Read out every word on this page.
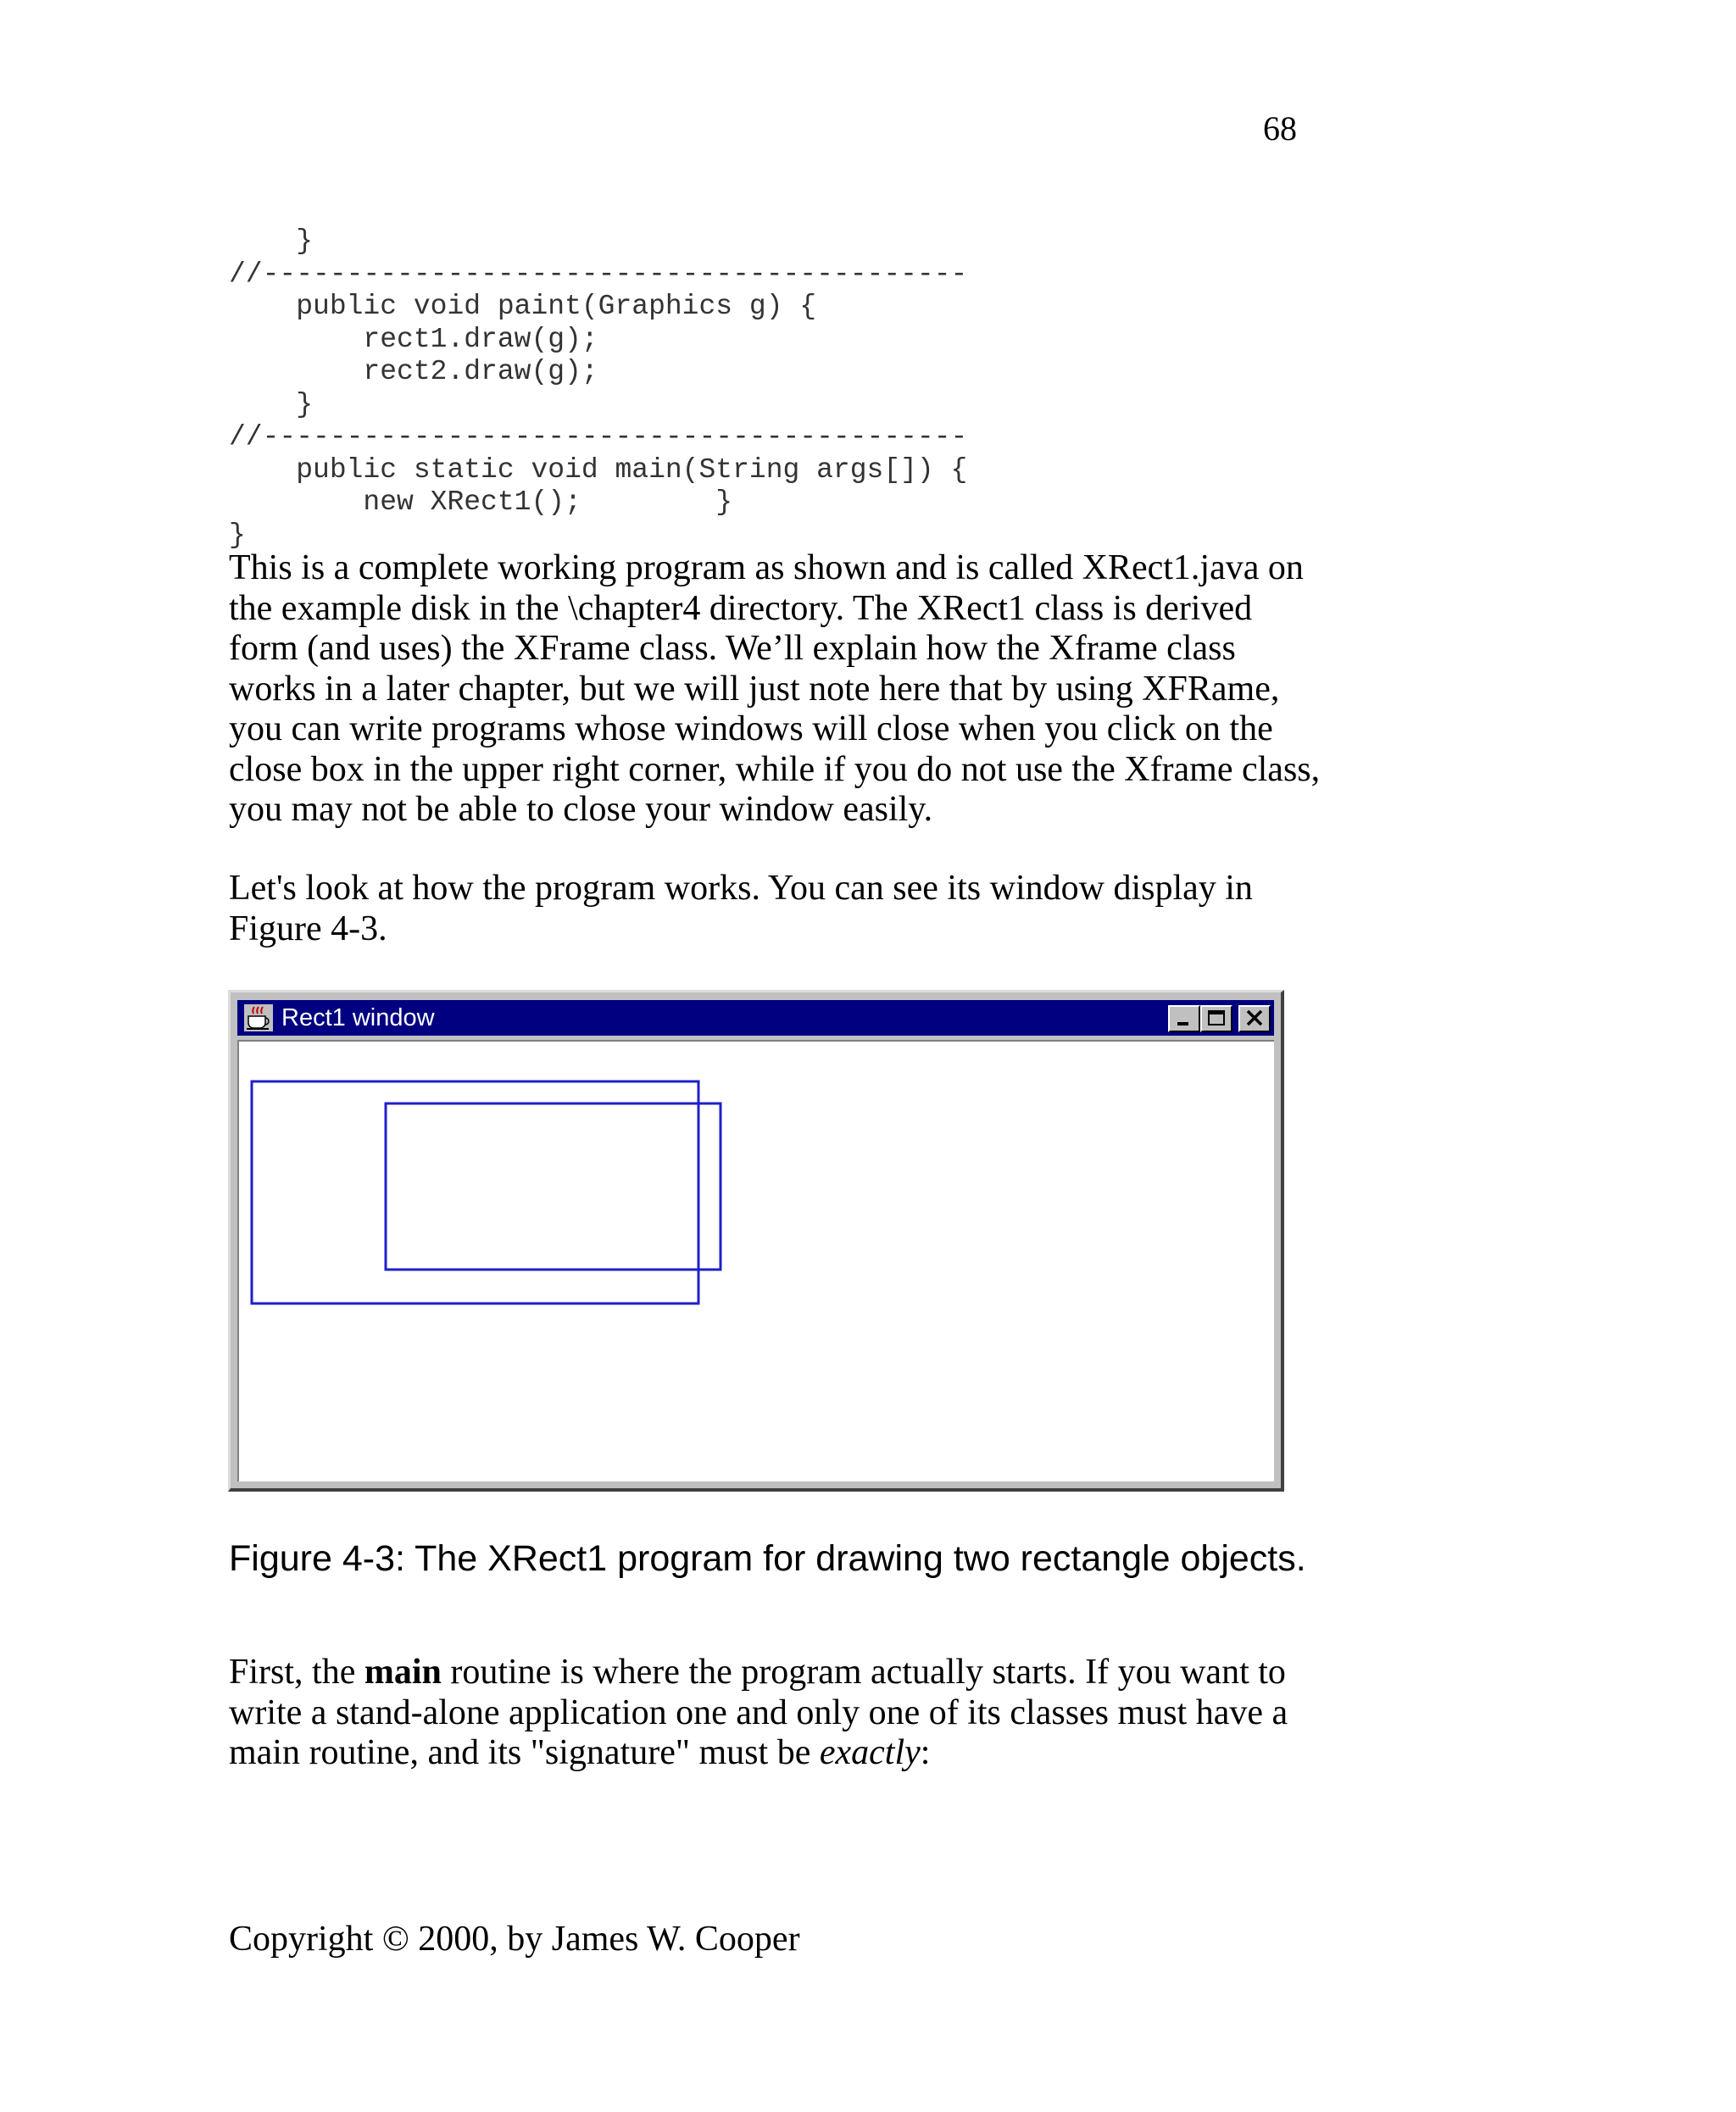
68
}
//------------------------------------------
public void paint(Graphics g) {
rect1.draw(g);
rect2.draw(g);
}
//------------------------------------------
public static void main(String args[]) {
new XRect1();        }
}

This is a complete working program as shown and is called XRect1.java on the example disk in the \chapter4 directory. The XRect1 class is derived form (and uses) the XFrame class. We’ll explain how the Xframe class works in a later chapter, but we will just note here that by using XFRame, you can write programs whose windows will close when you click on the close box in the upper right corner, while if you do not use the Xframe class, you may not be able to close your window easily.

Let's look at how the program works. You can see its window display in Figure 4-3.

Rect1 window

Figure 4-3: The XRect1 program for drawing two rectangle objects.

First, the main routine is where the program actually starts. If you want to write a stand-alone application one and only one of its classes must have a main routine, and its "signature" must be exactly:

Copyright © 2000, by James W. Cooper
